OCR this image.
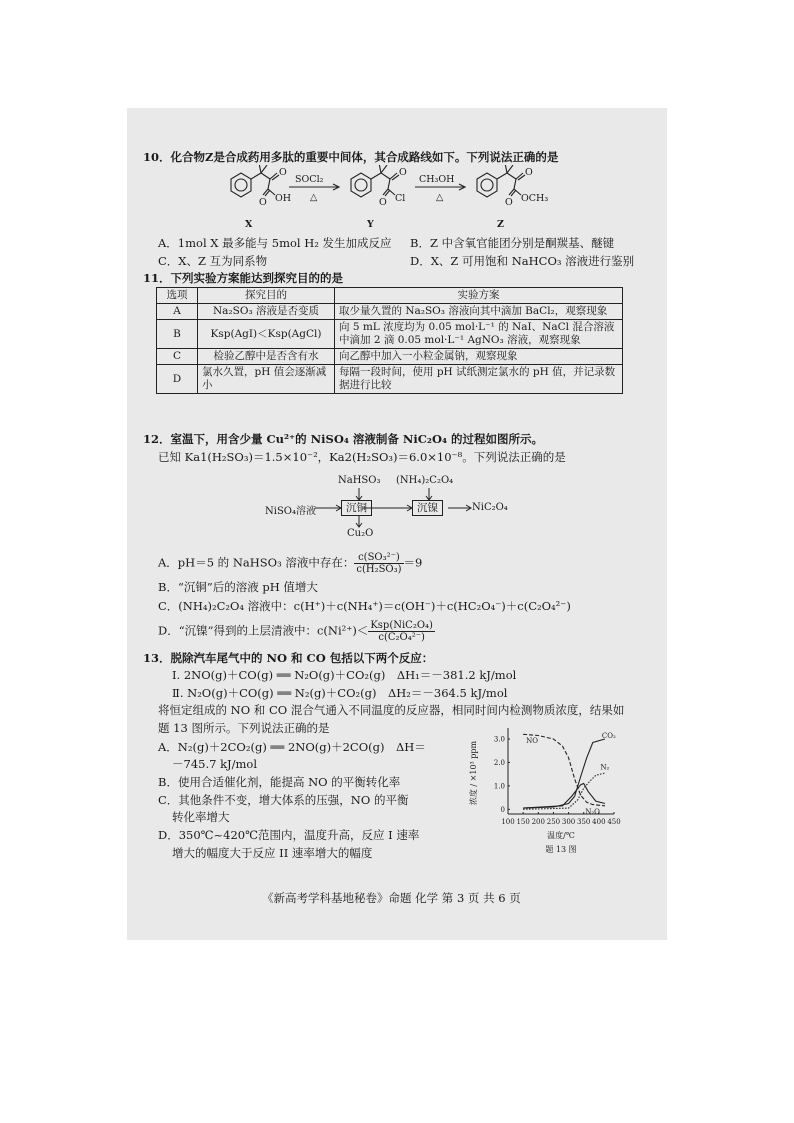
10．化合物Z是合成药用多肽的重要中间体，其合成路线如下。下列说法正确的是
O
O OH
O
O Cl
O
O OCH₃
SOCl₂
△
CH₃OH
△
X	Y	Z
A．1mol X 最多能与 5mol H₂ 发生加成反应 B．Z 中含氧官能团分别是酮羰基、醚键
C．X、Z 互为同系物	D．X、Z 可用饱和 NaHCO₃ 溶液进行鉴别
11．下列实验方案能达到探究目的的是
选项	探究目的	实验方案
A	Na₂SO₃ 溶液是否变质	取少量久置的 Na₂SO₃ 溶液向其中滴加 BaCl₂，观察现象
B	Ksp(AgI)＜Ksp(AgCl)	向 5 mL 浓度均为 0.05 mol·L⁻¹ 的 NaI、NaCl 混合溶液中滴加 2 滴 0.05 mol·L⁻¹ AgNO₃ 溶液，观察现象
C	检验乙醇中是否含有水	向乙醇中加入一小粒金属钠，观察现象
D	氯水久置，pH 值会逐渐减小	每隔一段时间，使用 pH 试纸测定氯水的 pH 值，并记录数据进行比较
12．室温下，用含少量 Cu²⁺的 NiSO₄ 溶液制备 NiC₂O₄ 的过程如图所示。
已知 Ka1(H₂SO₃)＝1.5×10⁻²，Ka2(H₂SO₃)＝6.0×10⁻⁸。下列说法正确的是
NaHSO₃ (NH₄)₂C₂O₄
NiSO₄溶液	沉铜	沉镍	NiC₂O₄
Cu₂O
A．pH＝5 的 NaHSO₃ 溶液中存在： $\frac{\text{c(SO₃²⁻)}}{\text{c(H₂SO₃)}} =9$
B．“沉铜”后的溶液 pH 值增大
C．(NH₄)₂C₂O₄ 溶液中：c(H⁺)＋c(NH₄⁺)＝c(OH⁻)＋c(HC₂O₄⁻)＋c(C₂O₄²⁻)
D．“沉镍”得到的上层清液中：$c(Ni^{2+})< \frac{\text{Ksp(NiC₂O₄)}}{\text{c(C₂O₄²⁻)}}$
13．脱除汽车尾气中的 NO 和 CO 包括以下两个反应：
Ⅰ. 2NO(g)＋CO(g) ══ N₂O(g)＋CO₂(g)　ΔH₁＝－381.2 kJ/mol
Ⅱ. N₂O(g)＋CO(g) ══ N₂(g)＋CO₂(g)　ΔH₂＝－364.5 kJ/mol
将恒定组成的 NO 和 CO 混合气通入不同温度的反应器，相同时间内检测物质浓度，结果如
题 13 图所示。下列说法正确的是
A．N₂(g)＋2CO₂(g) ══ 2NO(g)＋2CO(g)　ΔH＝
－745.7 kJ/mol
B．使用合适催化剂，能提高 NO 的平衡转化率
C．其他条件不变，增大体系的压强，NO 的平衡
转化率增大
D．350℃~420℃范围内，温度升高，反应 I 速率
增大的幅度大于反应 II 速率增大的幅度
100 150 200 250 300 350 400 450
0
1.0
2.0
3.0	NO
CO₂
N₂
N₂O
浓度 / ×10³ ppm
温度/℃
题 13 图
《新高考学科基地秘卷》命题 化学 第 3 页 共 6 页
